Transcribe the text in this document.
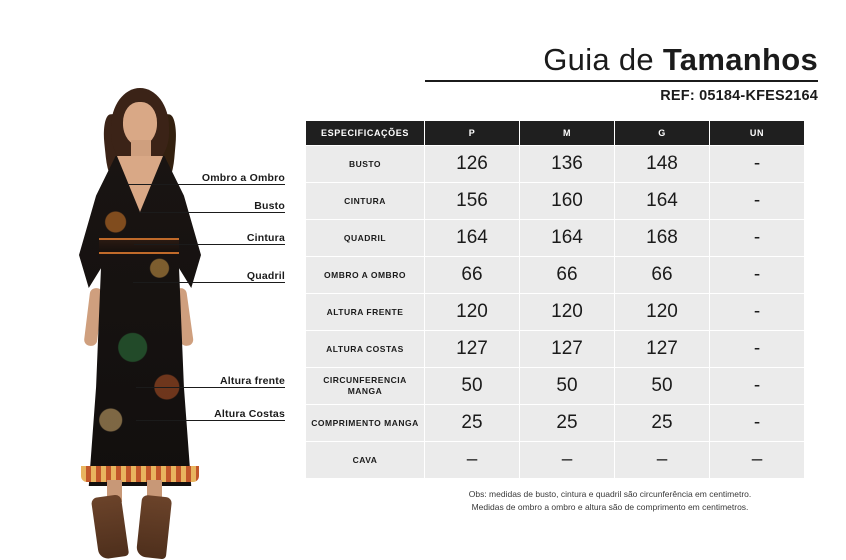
Ombro a Ombro
Busto
Cintura
Quadril
Altura frente
Altura Costas
Guia de Tamanhos
REF: 05184-KFES2164
ESPECIFICAÇÕES	P	M	G	UN
BUSTO	126	136	148	-
CINTURA	156	160	164	-
QUADRIL	164	164	168	-
OMBRO A OMBRO	66	66	66	-
ALTURA FRENTE	120	120	120	-
ALTURA COSTAS	127	127	127	-
CIRCUNFERENCIA MANGA	50	50	50	-
COMPRIMENTO MANGA	25	25	25	-
CAVA	–	–	–	–
Obs: medidas de busto, cintura e quadril são circunferência em centimetro.
Medidas de ombro a ombro e altura são de comprimento em centimetros.
